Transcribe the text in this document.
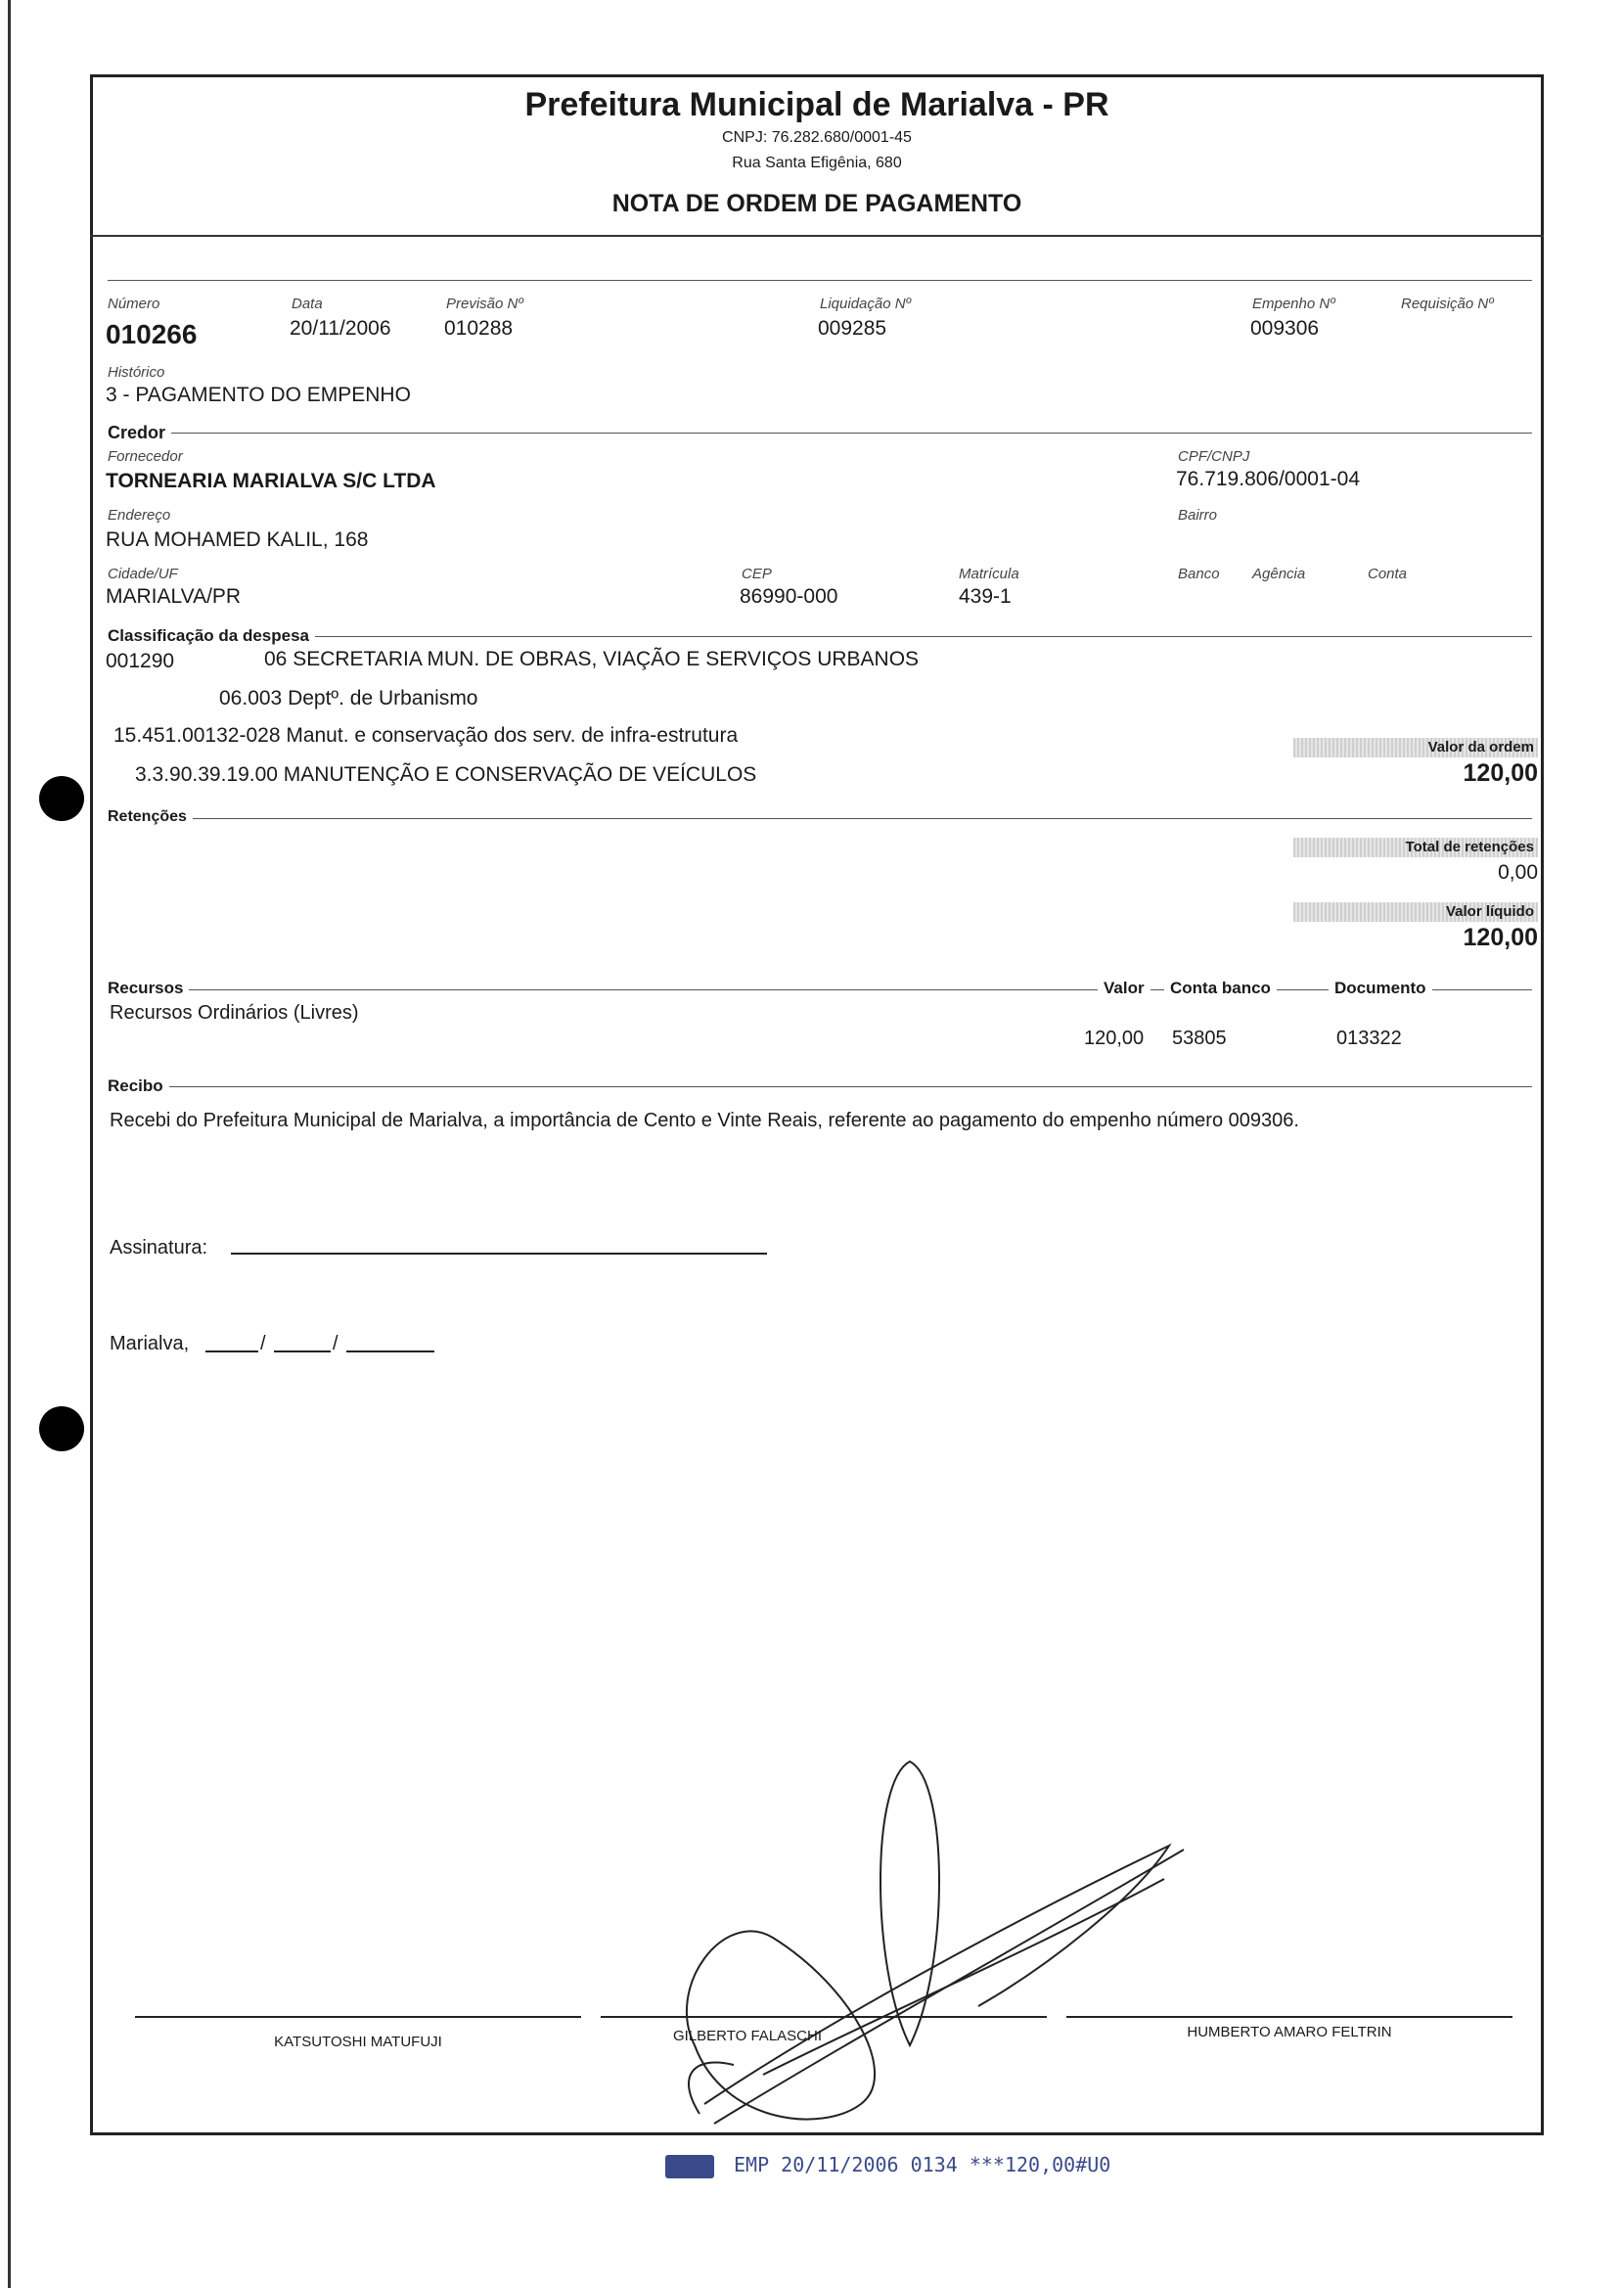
Prefeitura Municipal de Marialva - PR
CNPJ: 76.282.680/0001-45
Rua Santa Efigênia, 680
NOTA DE ORDEM DE PAGAMENTO
Número
010266
Data
20/11/2006
Previsão Nº
010288
Liquidação Nº
009285
Empenho Nº
009306
Requisição Nº
Histórico
3 - PAGAMENTO DO EMPENHO
Credor
Fornecedor
TORNEARIA MARIALVA S/C LTDA
CPF/CNPJ
76.719.806/0001-04
Endereço
RUA MOHAMED KALIL, 168
Bairro
Cidade/UF
MARIALVA/PR
CEP
86990-000
Matrícula
439-1
Banco Agência	Conta
Classificação da despesa
001290	06 SECRETARIA MUN. DE OBRAS, VIAÇÃO E SERVIÇOS URBANOS
06.003 Deptº. de Urbanismo
15.451.00132-028 Manut. e conservação dos serv. de infra-estrutura
3.3.90.39.19.00 MANUTENÇÃO E CONSERVAÇÃO DE VEÍCULOS
Valor da ordem
120,00
Retenções
Total de retenções
0,00
Valor líquido
120,00
Recursos	Valor	Conta banco	Documento
Recursos Ordinários (Livres)
120,00 53805	013322
Recibo
Recebi do Prefeitura Municipal de Marialva, a importância de Cento e Vinte Reais, referente ao pagamento do empenho número 009306.
Assinatura:
Marialva,	/	/
KATSUTOSHI MATUFUJI	GILBERTO FALASCHI	HUMBERTO AMARO FELTRIN
EMP 20/11/2006 0134 ***120,00#U0
